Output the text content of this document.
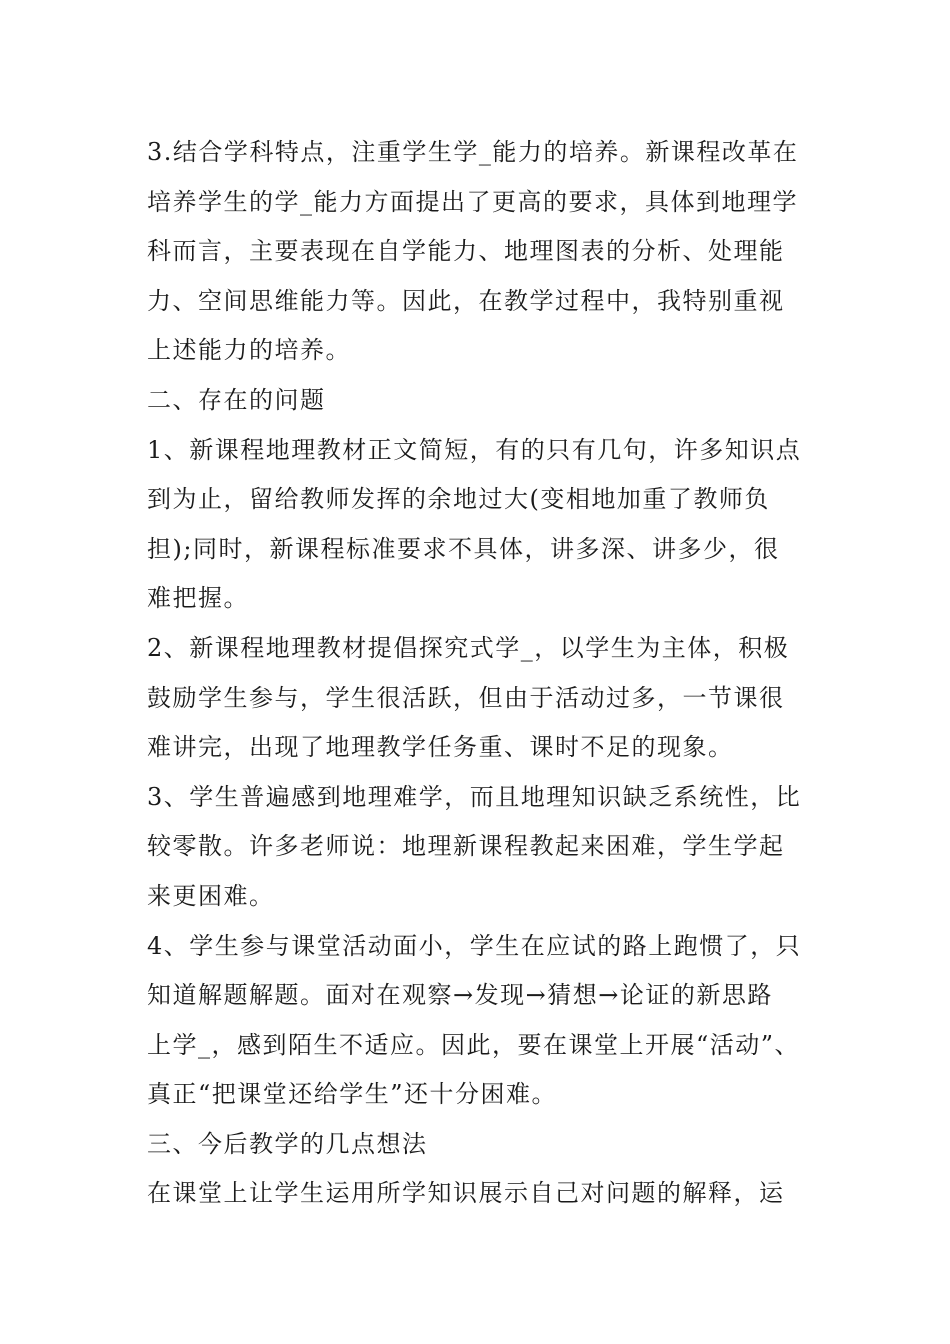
3.结合学科特点，注重学生学_能力的培养。新课程改革在
培养学生的学_能力方面提出了更高的要求，具体到地理学
科而言，主要表现在自学能力、地理图表的分析、处理能
力、空间思维能力等。因此，在教学过程中，我特别重视
上述能力的培养。
二、存在的问题
1、新课程地理教材正文简短，有的只有几句，许多知识点
到为止，留给教师发挥的余地过大(变相地加重了教师负
担);同时，新课程标准要求不具体，讲多深、讲多少，很
难把握。
2、新课程地理教材提倡探究式学_，以学生为主体，积极
鼓励学生参与，学生很活跃，但由于活动过多，一节课很
难讲完，出现了地理教学任务重、课时不足的现象。
3、学生普遍感到地理难学，而且地理知识缺乏系统性，比
较零散。许多老师说：地理新课程教起来困难，学生学起
来更困难。
4、学生参与课堂活动面小，学生在应试的路上跑惯了，只
知道解题解题。面对在观察→发现→猜想→论证的新思路
上学_，感到陌生不适应。因此，要在课堂上开展“活动”、
真正“把课堂还给学生”还十分困难。
三、今后教学的几点想法
在课堂上让学生运用所学知识展示自己对问题的解释，运
